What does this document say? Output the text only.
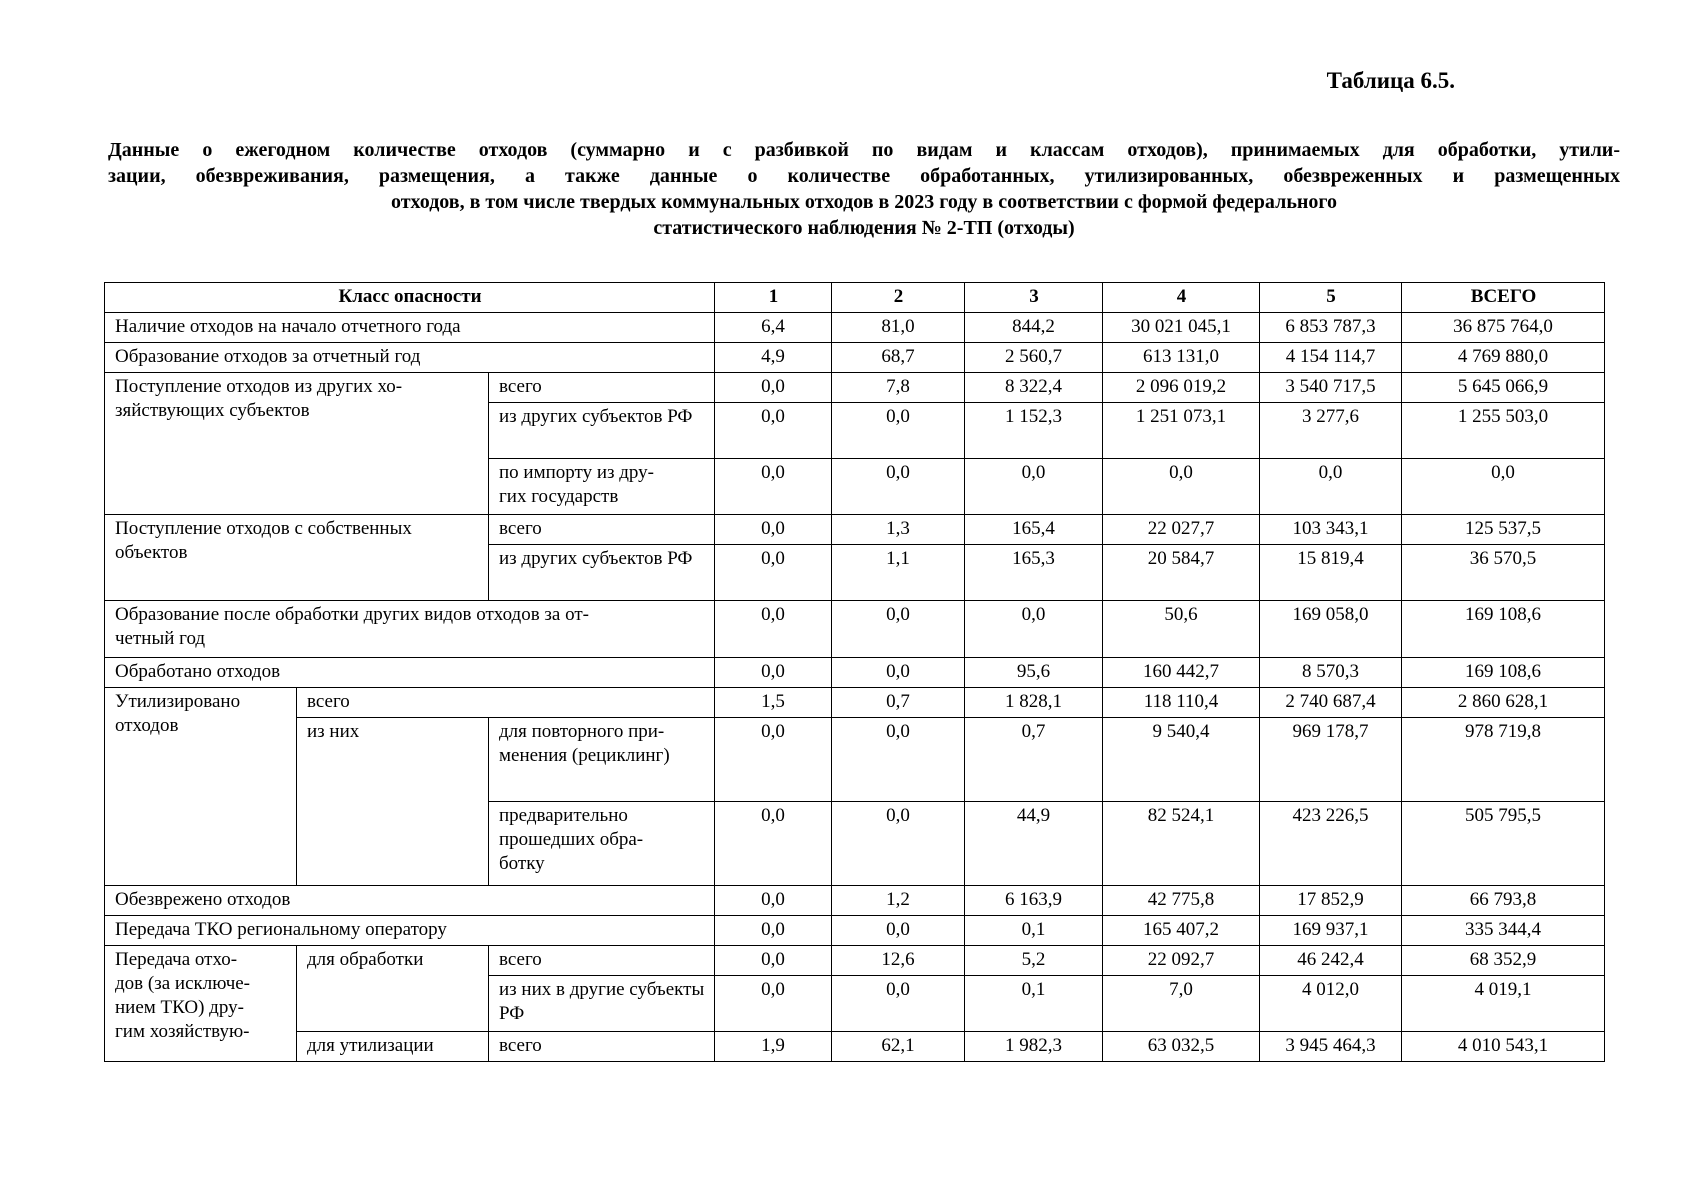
Таблица 6.5.
Данные о ежегодном количестве отходов (суммарно и с разбивкой по видам и классам отходов), принимаемых для обработки, утили-
зации, обезвреживания, размещения, а также данные о количестве обработанных, утилизированных, обезвреженных и размещенных
отходов, в том числе твердых коммунальных отходов в 2023 году в соответствии с формой федерального
статистического наблюдения № 2-ТП (отходы)
Класс опасности			1	2	3	4	5	ВСЕГО
Наличие отходов на начало отчетного года			6,4	81,0	844,2	30 021 045,1	6 853 787,3	36 875 764,0
Образование отходов за отчетный год			4,9	68,7	2 560,7	613 131,0	4 154 114,7	4 769 880,0
Поступление отходов из других хо-
зяйствующих субъектов		всего	0,0	7,8	8 322,4	2 096 019,2	3 540 717,5	5 645 066,9
		из других субъектов РФ	0,0	0,0	1 152,3	1 251 073,1	3 277,6	1 255 503,0
		по импорту из дру-
гих государств	0,0	0,0	0,0	0,0	0,0	0,0
Поступление отходов с собственных объектов		всего	0,0	1,3	165,4	22 027,7	103 343,1	125 537,5
		из других субъектов РФ	0,0	1,1	165,3	20 584,7	15 819,4	36 570,5
Образование после обработки других видов отходов за от-
четный год			0,0	0,0	0,0	50,6	169 058,0	169 108,6
Обработано отходов			0,0	0,0	95,6	160 442,7	8 570,3	169 108,6
Утилизировано отходов	всего		1,5	0,7	1 828,1	118 110,4	2 740 687,4	2 860 628,1
	из них	для повторного при-
менения (рециклинг)	0,0	0,0	0,7	9 540,4	969 178,7	978 719,8
		предварительно
прошедших обра-
ботку	0,0	0,0	44,9	82 524,1	423 226,5	505 795,5
Обезврежено отходов			0,0	1,2	6 163,9	42 775,8	17 852,9	66 793,8
Передача ТКО региональному оператору			0,0	0,0	0,1	165 407,2	169 937,1	335 344,4
Передача отхо-
дов (за исключе-
нием ТКО) дру-
гим хозяйствую-	для обработки	всего	0,0	12,6	5,2	22 092,7	46 242,4	68 352,9
		из них в другие субъекты РФ	0,0	0,0	0,1	7,0	4 012,0	4 019,1
	для утилизации	всего	1,9	62,1	1 982,3	63 032,5	3 945 464,3	4 010 543,1
